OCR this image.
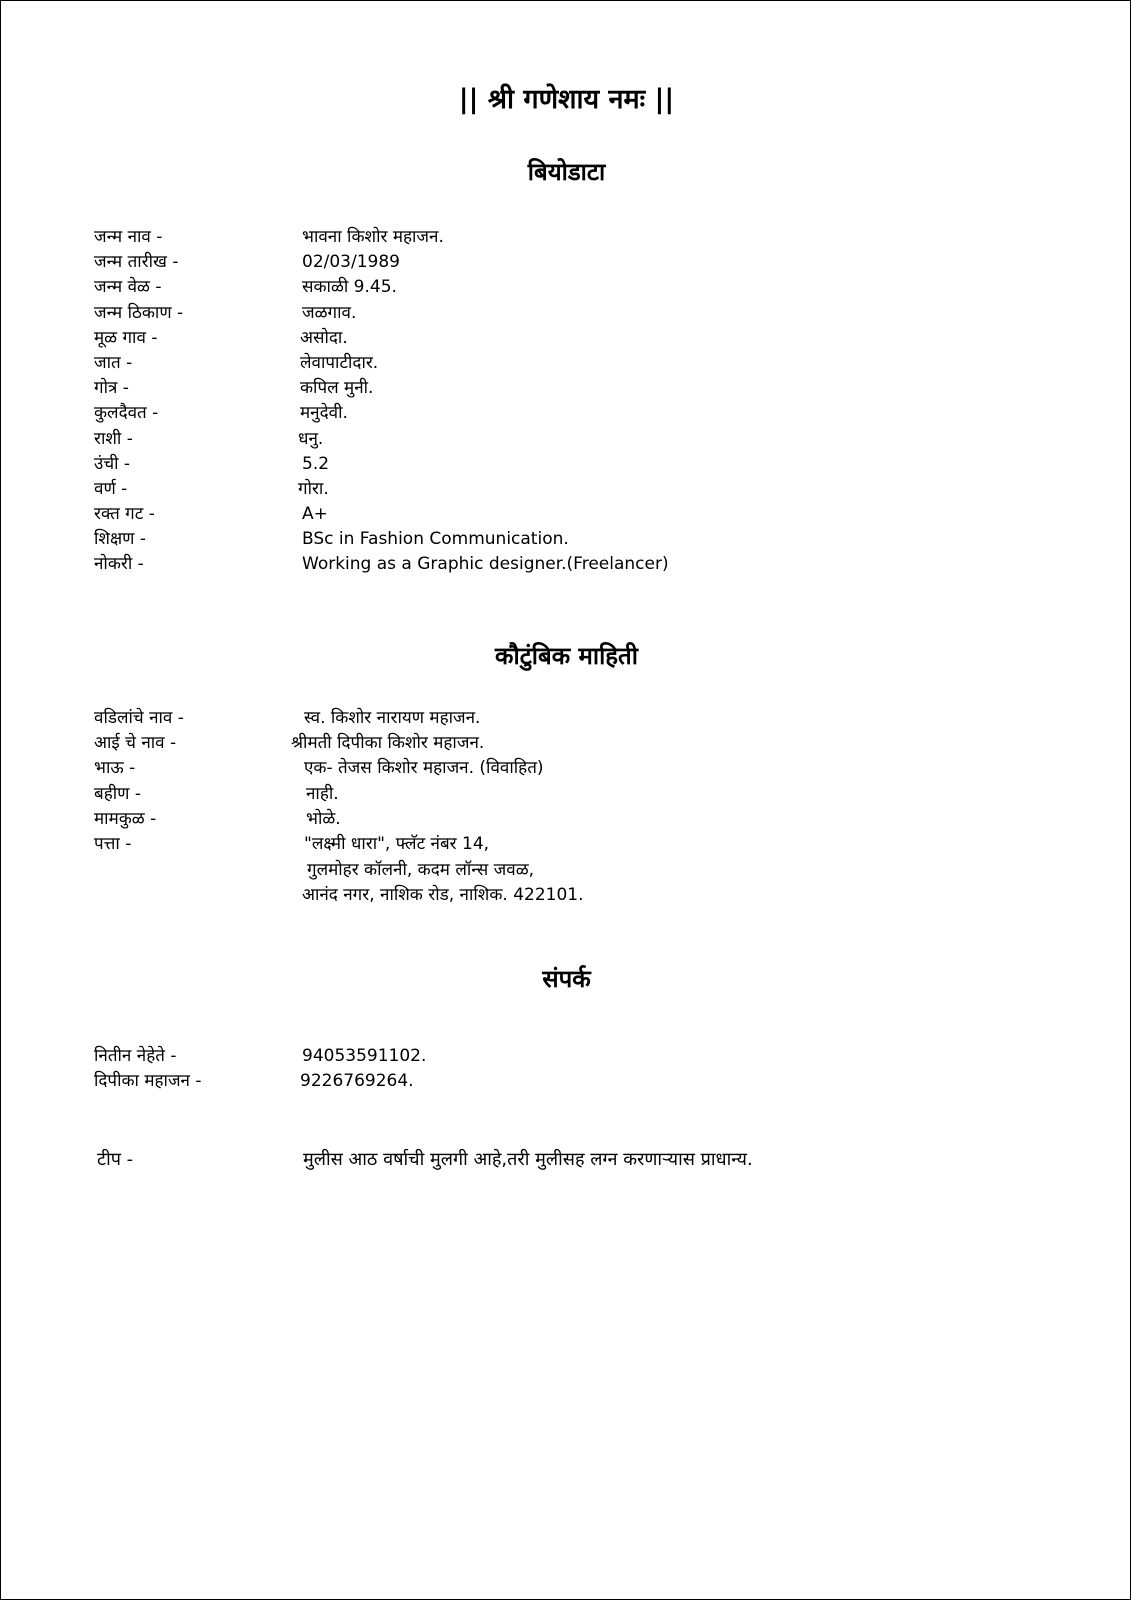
|| श्री गणेशाय नमः ||
बियोडाटा
जन्म नाव -	भावना किशोर महाजन.
जन्म तारीख -	02/03/1989
जन्म वेळ -	सकाळी 9.45.
जन्म ठिकाण -	जळगाव.
मूळ गाव -	असोदा.
जात -	लेवापाटीदार.
गोत्र -	कपिल मुनी.
कुलदैवत -	मनुदेवी.
राशी -	धनु.
उंची -	5.2
वर्ण -	गोरा.
रक्त गट -	A+
शिक्षण -	BSc in Fashion Communication.
नोकरी -	Working as a Graphic designer.(Freelancer)
कौटुंबिक माहिती
वडिलांचे नाव -	स्व. किशोर नारायण महाजन.
आई चे नाव -	श्रीमती दिपीका किशोर महाजन.
भाऊ -	एक- तेजस किशोर महाजन. (विवाहित)
बहीण -	नाही.
मामकुळ -	भोळे.
पत्ता -	"लक्ष्मी धारा", फ्लॅट नंबर 14,
गुलमोहर कॉलनी, कदम लॉन्स जवळ,
आनंद नगर, नाशिक रोड, नाशिक. 422101.
संपर्क
नितीन नेहेते -	94053591102.
दिपीका महाजन -	9226769264.
टीप -	मुलीस आठ वर्षाची मुलगी आहे,तरी मुलीसह लग्न करणाऱ्यास प्राधान्य.
